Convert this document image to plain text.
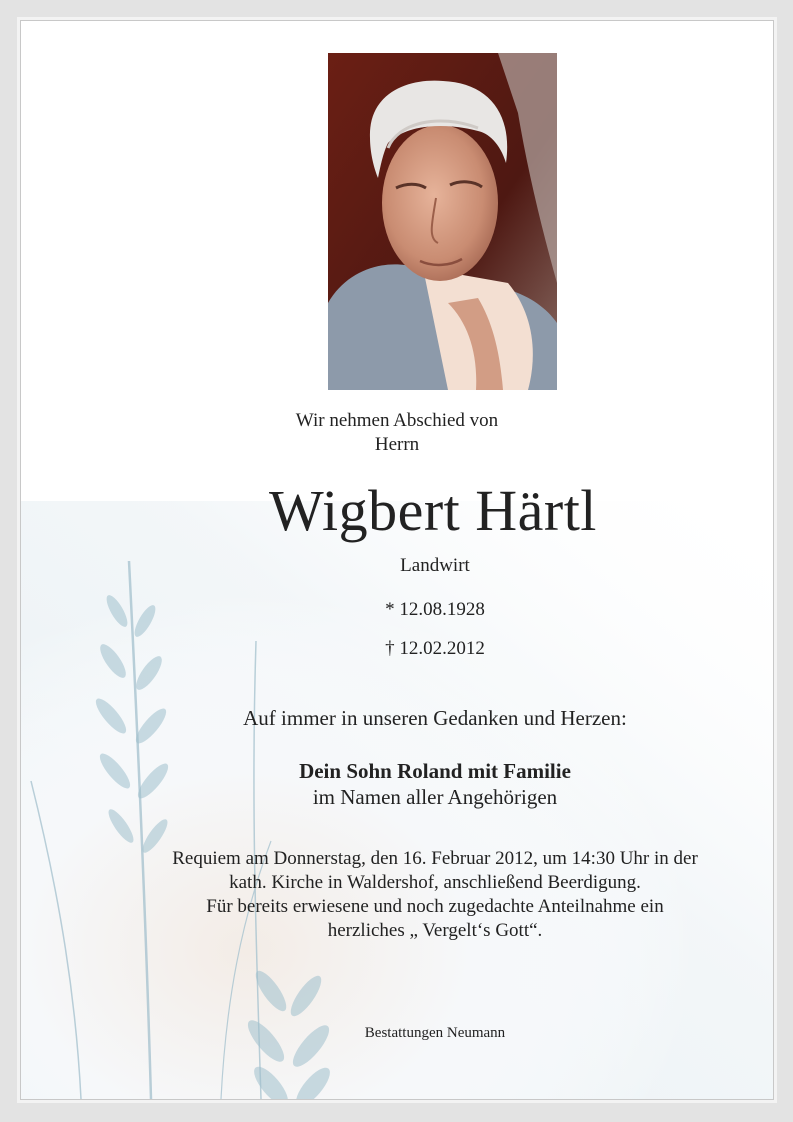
Wir nehmen Abschied von
Herrn
Wigbert Härtl
Landwirt
* 12.08.1928
† 12.02.2012
Auf immer in unseren Gedanken und Herzen:
Dein Sohn Roland mit Familie
im Namen aller Angehörigen
Requiem am Donnerstag, den 16. Februar 2012, um 14:30 Uhr in der
kath. Kirche in Waldershof, anschließend Beerdigung.
Für bereits erwiesene und noch zugedachte Anteilnahme ein
herzliches „ Vergelt‘s Gott“.
Bestattungen Neumann
